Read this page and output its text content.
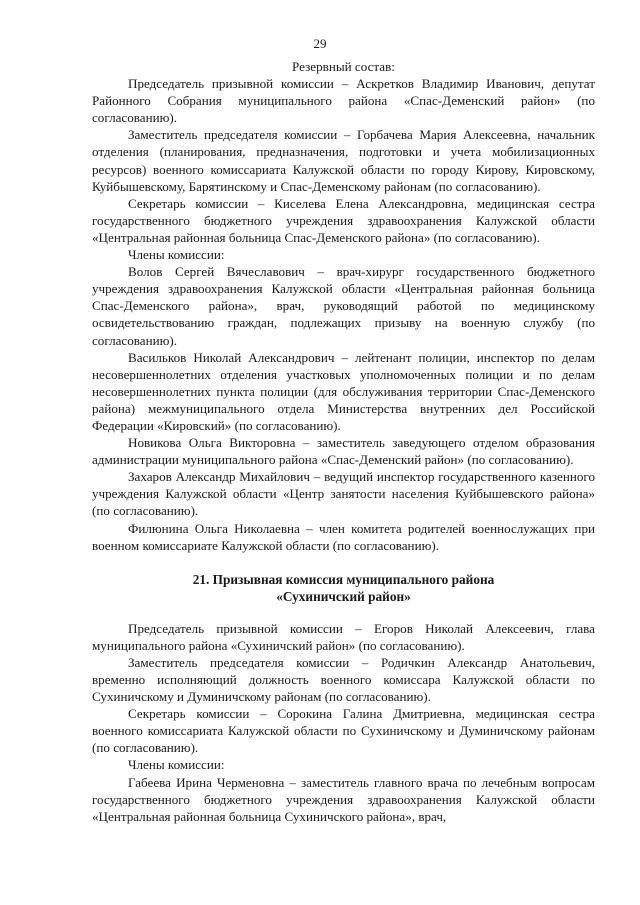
29
Резервный состав:

Председатель призывной комиссии – Аскретков Владимир Иванович, депутат Районного Собрания муниципального района «Спас-Деменский район» (по согласованию).

Заместитель председателя комиссии – Горбачева Мария Алексеевна, начальник отделения (планирования, предназначения, подготовки и учета мобилизационных ресурсов) военного комиссариата Калужской области по городу Кирову, Кировскому, Куйбышевскому, Барятинскому и Спас-Деменскому районам (по согласованию).

Секретарь комиссии – Киселева Елена Александровна, медицинская сестра государственного бюджетного учреждения здравоохранения Калужской области «Центральная районная больница Спас-Деменского района» (по согласованию).

Члены комиссии:

Волов Сергей Вячеславович – врач-хирург государственного бюджетного учреждения здравоохранения Калужской области «Центральная районная больница Спас-Деменского района», врач, руководящий работой по медицинскому освидетельствованию граждан, подлежащих призыву на военную службу (по согласованию).

Васильков Николай Александрович – лейтенант полиции, инспектор по делам несовершеннолетних отделения участковых уполномоченных полиции и по делам несовершеннолетних пункта полиции (для обслуживания территории Спас-Деменского района) межмуниципального отдела Министерства внутренних дел Российской Федерации «Кировский» (по согласованию).

Новикова Ольга Викторовна – заместитель заведующего отделом образования администрации муниципального района «Спас-Деменский район» (по согласованию).

Захаров Александр Михайлович – ведущий инспектор государственного казенного учреждения Калужской области «Центр занятости населения Куйбышевского района» (по согласованию).

Филюнина Ольга Николаевна – член комитета родителей военнослужащих при военном комиссариате Калужской области (по согласованию).

21. Призывная комиссия муниципального района
«Сухиничский район»

Председатель призывной комиссии – Егоров Николай Алексеевич, глава муниципального района «Сухиничский район» (по согласованию).

Заместитель председателя комиссии – Родичкин Александр Анатольевич, временно исполняющий должность военного комиссара Калужской области по Сухиничскому и Думиничскому районам (по согласованию).

Секретарь комиссии – Сорокина Галина Дмитриевна, медицинская сестра военного комиссариата Калужской области по Сухиничскому и Думиничскому районам (по согласованию).

Члены комиссии:

Габеева Ирина Черменовна – заместитель главного врача по лечебным вопросам государственного бюджетного учреждения здравоохранения Калужской области «Центральная районная больница Сухиничского района», врач,
